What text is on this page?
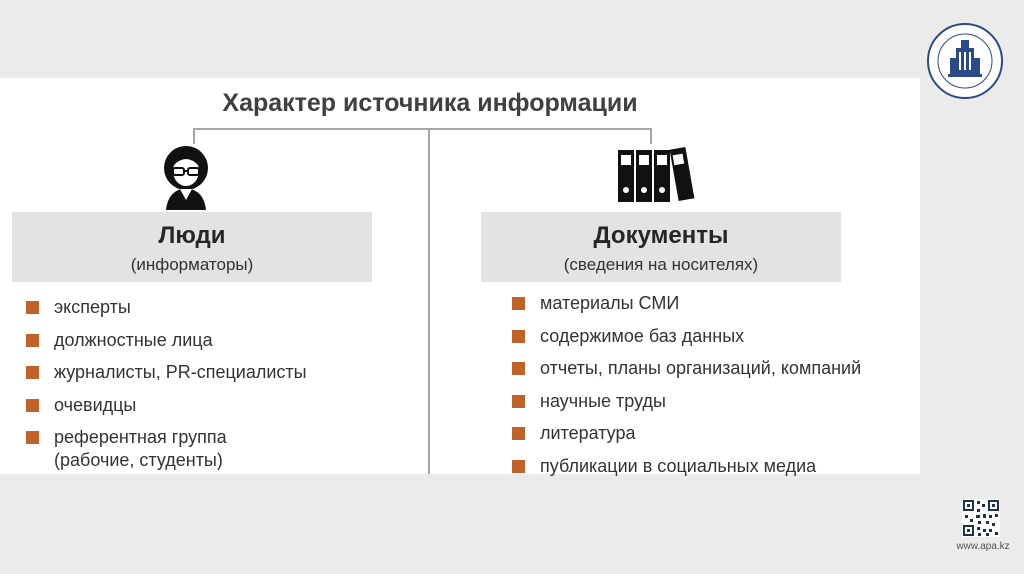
Характер источника информации
Люди
(информаторы)
Документы
(сведения на носителях)
эксперты
должностные лица
журналисты, PR-специалисты
очевидцы
референтная группа
(рабочие, студенты)
материалы СМИ
содержимое баз данных
отчеты, планы организаций, компаний
научные труды
литература
публикации в социальных медиа
www.apa.kz
